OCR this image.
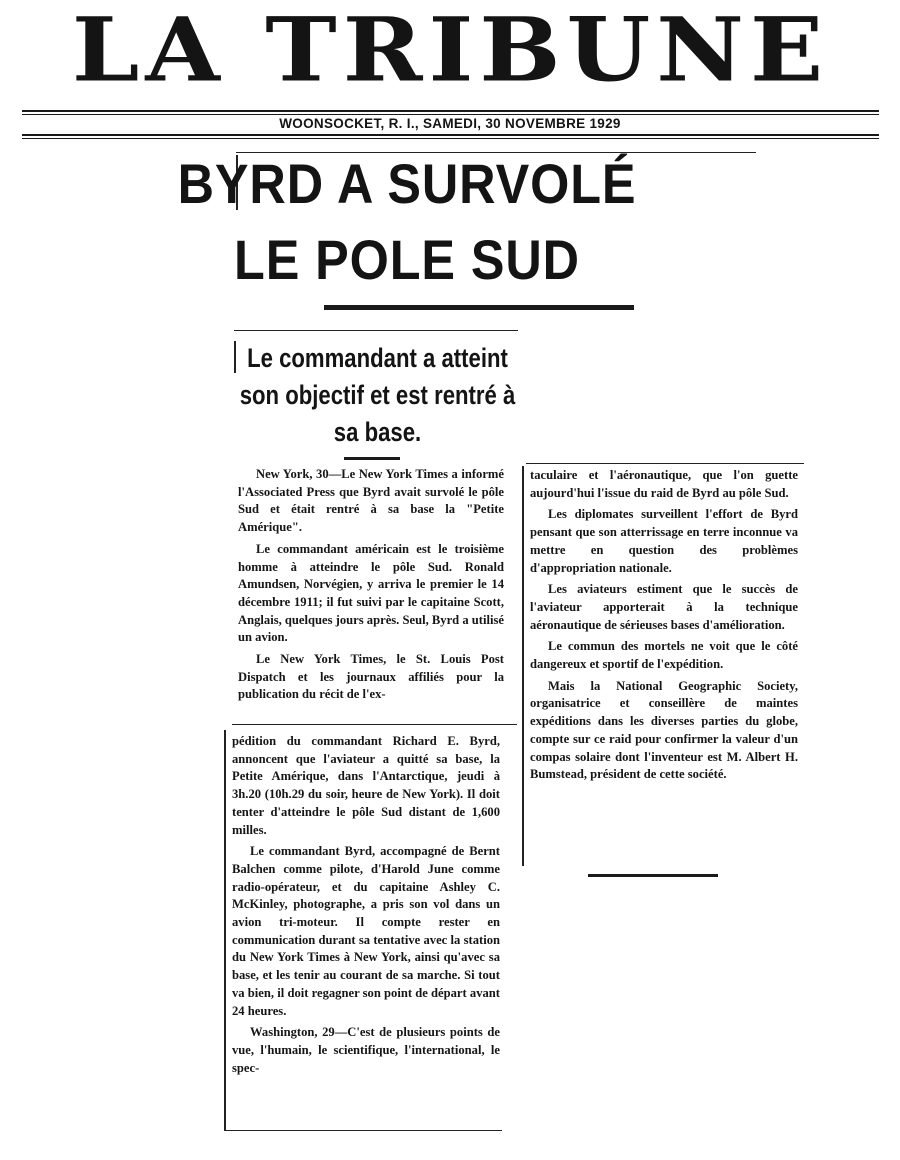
LA TRIBUNE
WOONSOCKET, R. I., SAMEDI, 30 NOVEMBRE 1929
BYRD A SURVOLÉ
LE POLE SUD
Le commandant a atteint son objectif et est rentré à sa base.

New York, 30—Le New York Times a informé l'Associated Press que Byrd avait survolé le pôle Sud et était rentré à sa base la "Petite Amérique".

Le commandant américain est le troisième homme à atteindre le pôle Sud. Ronald Amundsen, Norvégien, y arriva le premier le 14 décembre 1911; il fut suivi par le capitaine Scott, Anglais, quelques jours après. Seul, Byrd a utilisé un avion.

Le New York Times, le St. Louis Post Dispatch et les journaux affiliés pour la publication du récit de l'ex-

pédition du commandant Richard E. Byrd, annoncent que l'aviateur a quitté sa base, la Petite Amérique, dans l'Antarctique, jeudi à 3h.20 (10h.29 du soir, heure de New York). Il doit tenter d'atteindre le pôle Sud distant de 1,600 milles.

Le commandant Byrd, accompagné de Bernt Balchen comme pilote, d'Harold June comme radio-opérateur, et du capitaine Ashley C. McKinley, photographe, a pris son vol dans un avion tri-moteur. Il compte rester en communication durant sa tentative avec la station du New York Times à New York, ainsi qu'avec sa base, et les tenir au courant de sa marche. Si tout va bien, il doit regagner son point de départ avant 24 heures.

Washington, 29—C'est de plusieurs points de vue, l'humain, le scientifique, l'international, le spec-

taculaire et l'aéronautique, que l'on guette aujourd'hui l'issue du raid de Byrd au pôle Sud.

Les diplomates surveillent l'effort de Byrd pensant que son atterrissage en terre inconnue va mettre en question des problèmes d'appropriation nationale.

Les aviateurs estiment que le succès de l'aviateur apporterait à la technique aéronautique de sérieuses bases d'amélioration.

Le commun des mortels ne voit que le côté dangereux et sportif de l'expédition.

Mais la National Geographic Society, organisatrice et conseillère de maintes expéditions dans les diverses parties du globe, compte sur ce raid pour confirmer la valeur d'un compas solaire dont l'inventeur est M. Albert H. Bumstead, président de cette société.
